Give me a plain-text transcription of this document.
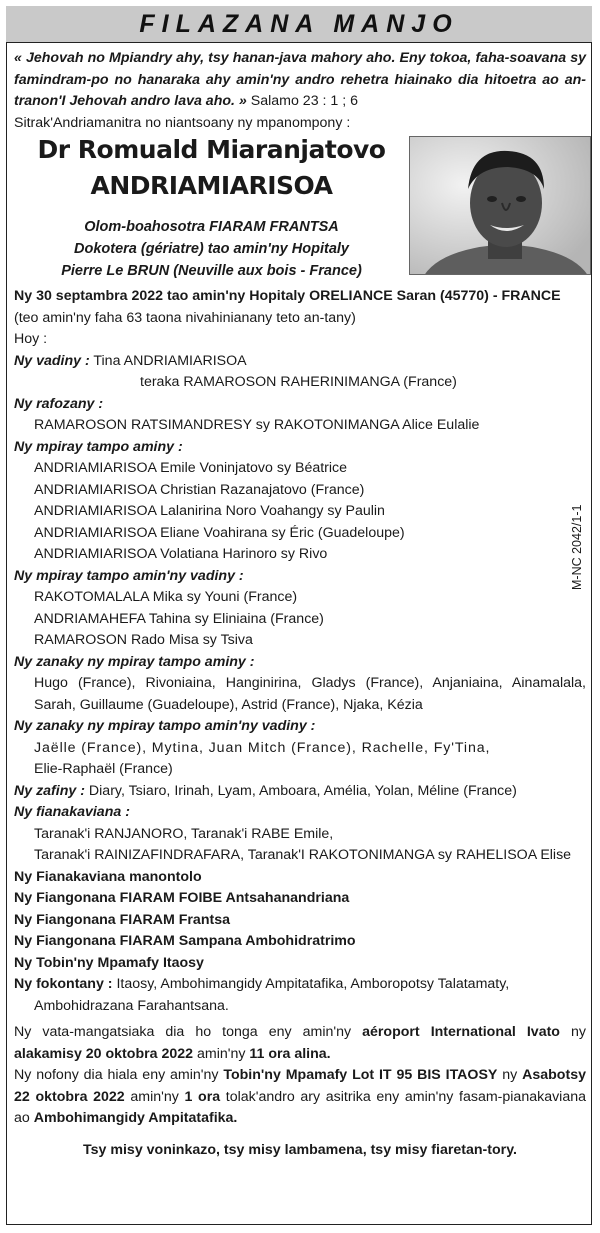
FILAZANA MANJO
M-NC 2042/1-1
« Jehovah no Mpiandry ahy, tsy hanan-java mahory aho. Eny tokoa, faha-soavana sy famindram-po no hanaraka ahy amin'ny andro rehetra hiainako dia hitoetra ao an-tranon'I Jehovah andro lava aho. » Salamo 23 : 1 ; 6
Sitrak'Andriamanitra no niantsoany ny mpanompony :
Dr Romuald Miaranjatovo
ANDRIAMIARISOA
Olom-boahosotra FIARAM FRANTSA
Dokotera (gériatre) tao amin'ny Hopitaly
Pierre Le BRUN (Neuville aux bois - France)
Ny 30 septambra 2022 tao amin'ny Hopitaly ORELIANCE Saran (45770) - FRANCE (teo amin'ny faha 63 taona nivahinianany teto an-tany)
Hoy :
Ny vadiny : Tina ANDRIAMIARISOA
teraka RAMAROSON RAHERINIMANGA (France)
Ny rafozany :
RAMAROSON RATSIMANDRESY sy RAKOTONIMANGA Alice Eulalie
Ny mpiray tampo aminy :
ANDRIAMIARISOA Emile Voninjatovo sy Béatrice
ANDRIAMIARISOA Christian Razanajatovo (France)
ANDRIAMIARISOA Lalanirina Noro Voahangy sy Paulin
ANDRIAMIARISOA Eliane Voahirana sy Éric (Guadeloupe)
ANDRIAMIARISOA Volatiana Harinoro sy Rivo
Ny mpiray tampo amin'ny vadiny :
RAKOTOMALALA Mika sy Youni (France)
ANDRIAMAHEFA Tahina sy Eliniaina (France)
RAMAROSON Rado Misa sy Tsiva
Ny zanaky ny mpiray tampo aminy :
Hugo (France), Rivoniaina, Hanginirina, Gladys (France), Anjaniaina, Ainamalala, Sarah, Guillaume (Guadeloupe), Astrid (France), Njaka, Kézia
Ny zanaky ny mpiray tampo amin'ny vadiny :
Jaëlle (France), Mytina, Juan Mitch (France), Rachelle, Fy'Tina,
Elie-Raphaël (France)
Ny zafiny : Diary, Tsiaro, Irinah, Lyam, Amboara, Amélia, Yolan, Méline (France)
Ny fianakaviana :
Taranak'i RANJANORO, Taranak'i RABE Emile,
Taranak'i RAINIZAFINDRAFARA, Taranak'I RAKOTONIMANGA sy RAHELISOA Elise
Ny Fianakaviana manontolo
Ny Fiangonana FIARAM FOIBE Antsahanandriana
Ny Fiangonana FIARAM Frantsa
Ny Fiangonana FIARAM Sampana Ambohidratrimo
Ny Tobin'ny Mpamafy Itaosy
Ny fokontany : Itaosy, Ambohimangidy Ampitatafika, Amboropotsy Talatamaty,
Ambohidrazana Farahantsana.
Ny vata-mangatsiaka dia ho tonga eny amin'ny aéroport International Ivato ny alakamisy 20 oktobra 2022 amin'ny 11 ora alina.
Ny nofony dia hiala eny amin'ny Tobin'ny Mpamafy Lot IT 95 BIS ITAOSY ny Asabotsy 22 oktobra 2022 amin'ny 1 ora tolak'andro ary asitrika eny amin'ny fasam-pianakaviana ao Ambohimangidy Ampitatafika.
Tsy misy voninkazo, tsy misy lambamena, tsy misy fiaretan-tory.
